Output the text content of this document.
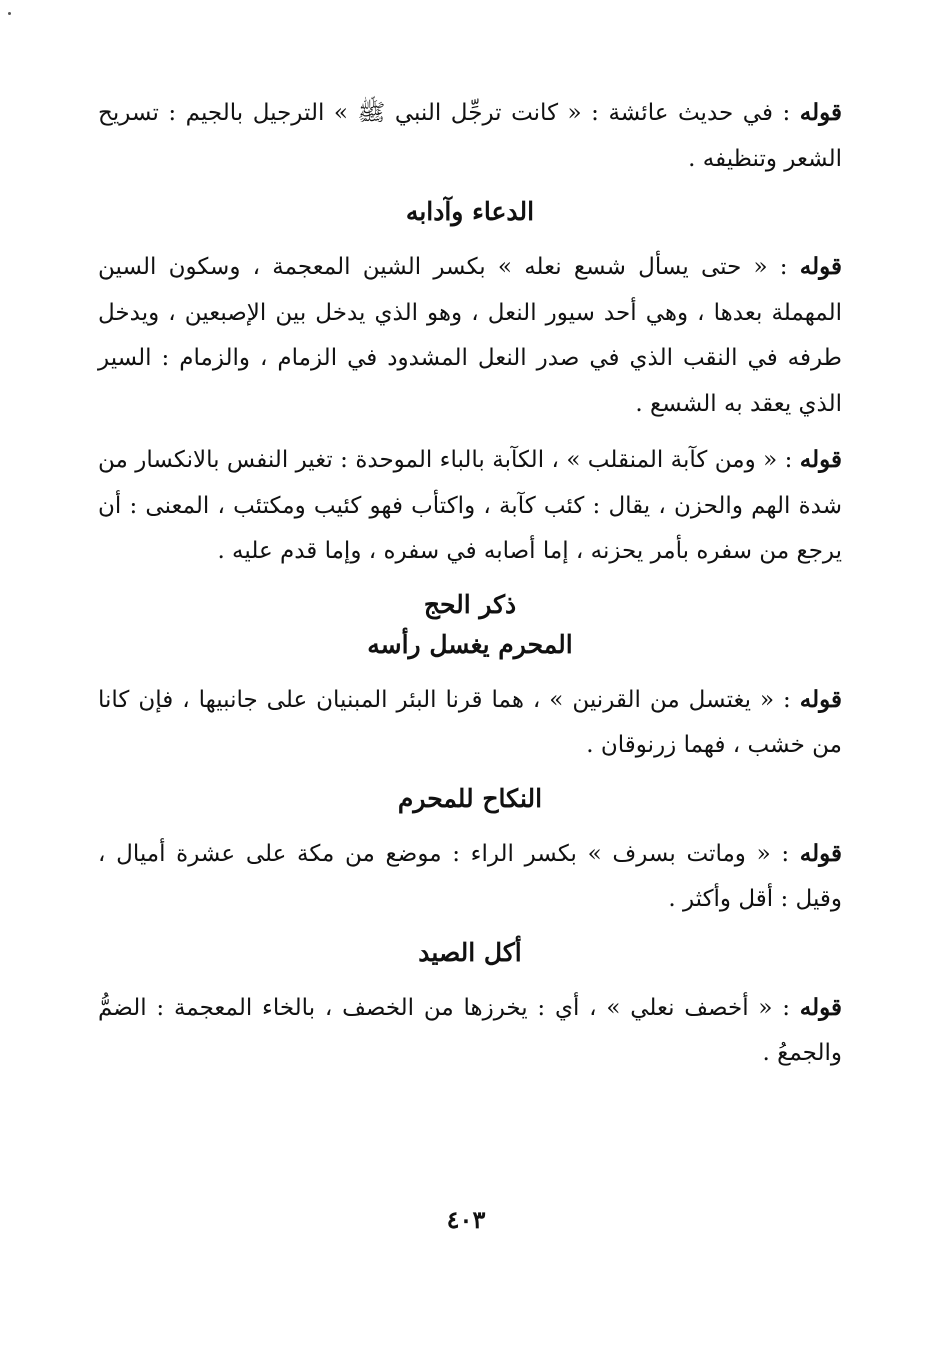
قوله : في حديث عائشة : « كانت ترجِّل النبي ﷺ » الترجيل بالجيم : تسريح الشعر وتنظيفه .

الدعاء وآدابه

قوله : « حتى يسأل شسع نعله » بكسر الشين المعجمة ، وسكون السين المهملة بعدها ، وهي أحد سيور النعل ، وهو الذي يدخل بين الإصبعين ، ويدخل طرفه في النقب الذي في صدر النعل المشدود في الزمام ، والزمام : السير الذي يعقد به الشسع .

قوله : « ومن كآبة المنقلب » ، الكآبة بالباء الموحدة : تغير النفس بالانكسار من شدة الهم والحزن ، يقال : كئب كآبة ، واكتأب فهو كئيب ومكتئب ، المعنى : أن يرجع من سفره بأمر يحزنه ، إما أصابه في سفره ، وإما قدم عليه .

ذكر الحج
المحرم يغسل رأسه

قوله : « يغتسل من القرنين » ، هما قرنا البئر المبنيان على جانبيها ، فإن كانا من خشب ، فهما زرنوقان .

النكاح للمحرم

قوله : « وماتت بسرف » بكسر الراء : موضع من مكة على عشرة أميال ، وقيل : أقل وأكثر .

أكل الصيد

قوله : « أخصف نعلي » ، أي : يخرزها من الخصف ، بالخاء المعجمة : الضمُّ والجمعُ .

٤٠٣
